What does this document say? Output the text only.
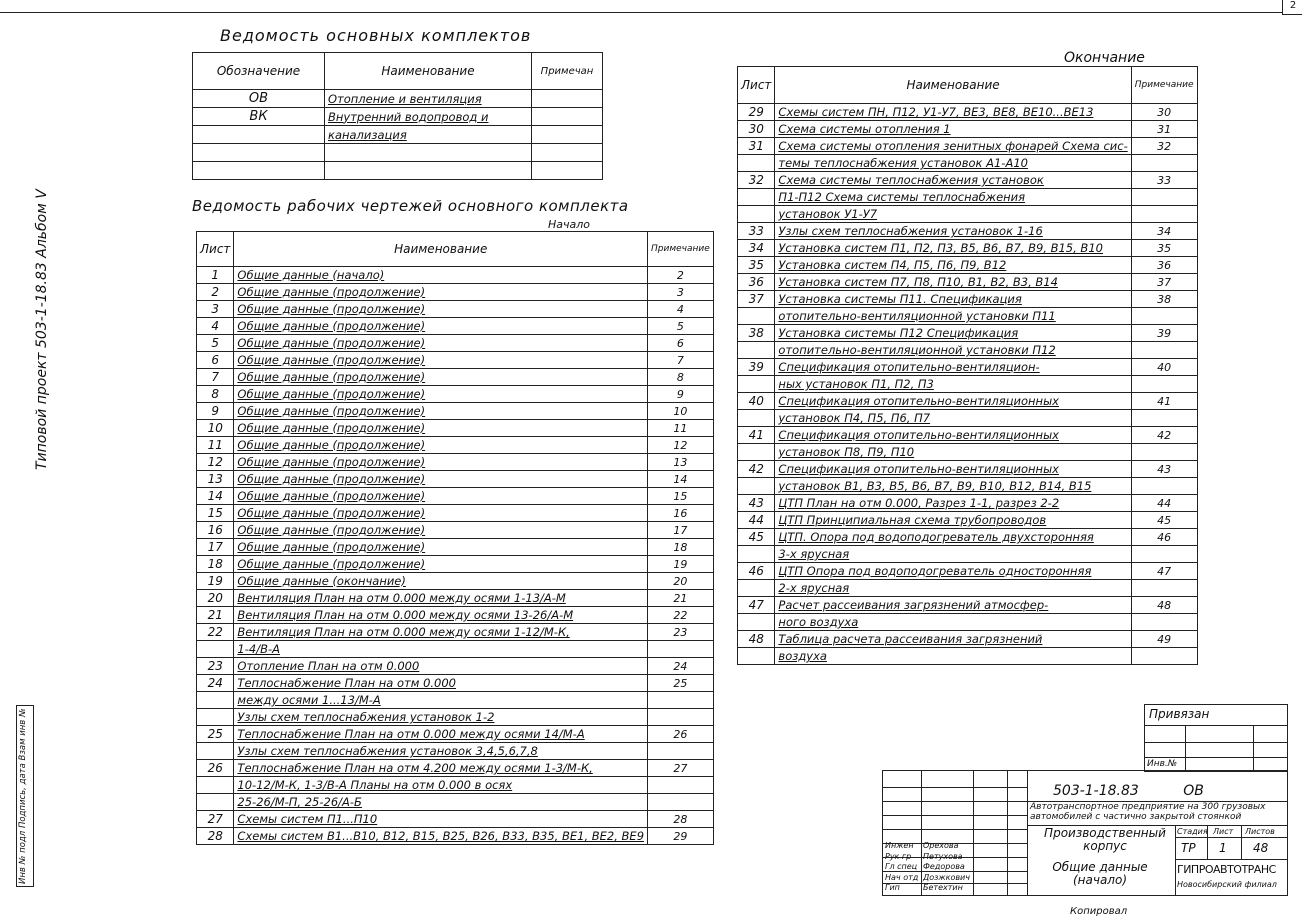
2
Типовой проект 503-1-18.83 Альбом V
Инв № подл Подпись, дата Взам инв №
Ведомость основных комплектов
Обозначение	Наименование	Примечан
ОВ	Отопление и вентиляция	
ВК	Внутренний водопровод и	
	канализация	

Ведомость рабочих чертежей основного комплекта
Начало
Лист	Наименование	Примечание
1	Общие данные (начало)	2
2	Общие данные (продолжение)	3
3	Общие данные (продолжение)	4
4	Общие данные (продолжение)	5
5	Общие данные (продолжение)	6
6	Общие данные (продолжение)	7
7	Общие данные (продолжение)	8
8	Общие данные (продолжение)	9
9	Общие данные (продолжение)	10
10	Общие данные (продолжение)	11
11	Общие данные (продолжение)	12
12	Общие данные (продолжение)	13
13	Общие данные (продолжение)	14
14	Общие данные (продолжение)	15
15	Общие данные (продолжение)	16
16	Общие данные (продолжение)	17
17	Общие данные (продолжение)	18
18	Общие данные (продолжение)	19
19	Общие данные (окончание)	20
20	Вентиляция План на отм 0.000 между осями 1-13/А-М	21
21	Вентиляция План на отм 0.000 между осями 13-26/А-М	22
22	Вентиляция План на отм 0.000 между осями 1-12/М-К,	23
	1-4/В-А	
23	Отопление План на отм 0.000	24
24	Теплоснабжение План на отм 0.000	25
	между осями 1...13/М-А	
	Узлы схем теплоснабжения установок 1-2	
25	Теплоснабжение План на отм 0.000 между осями 14/М-А	26
	Узлы схем теплоснабжения установок 3,4,5,6,7,8	
26	Теплоснабжение План на отм 4.200 между осями 1-3/М-К,	27
	10-12/М-К, 1-3/В-А Планы на отм 0.000 в осях	
	25-26/М-П, 25-26/А-Б	
27	Схемы систем П1...П10	28
28	Схемы систем В1...В10, В12, В15, В25, В26, В33, В35, ВЕ1, ВЕ2, ВЕ9	29
Окончание
Лист	Наименование	Примечание
29	Схемы систем ПН, П12, У1-У7, ВЕ3, ВЕ8, ВЕ10...ВЕ13	30
30	Схема системы отопления 1	31
31	Схема системы отопления зенитных фонарей Схема сис-	32
	темы теплоснабжения установок А1-А10	
32	Схема системы теплоснабжения установок	33
	П1-П12 Схема системы теплоснабжения	
	установок У1-У7	
33	Узлы схем теплоснабжения установок 1-16	34
34	Установка систем П1, П2, П3, В5, В6, В7, В9, В15, В10	35
35	Установка систем П4, П5, П6, П9, В12	36
36	Установка систем П7, П8, П10, В1, В2, В3, В14	37
37	Установка системы П11. Спецификация	38
	отопительно-вентиляционной установки П11	
38	Установка системы П12 Спецификация	39
	отопительно-вентиляционной установки П12	
39	Спецификация отопительно-вентиляцион-	40
	ных установок П1, П2, П3	
40	Спецификация отопительно-вентиляционных	41
	установок П4, П5, П6, П7	
41	Спецификация отопительно-вентиляционных	42
	установок П8, П9, П10	
42	Спецификация отопительно-вентиляционных	43
	установок В1, В3, В5, В6, В7, В9, В10, В12, В14, В15	
43	ЦТП План на отм 0.000, Разрез 1-1, разрез 2-2	44
44	ЦТП Принципиальная схема трубопроводов	45
45	ЦТП. Опора под водоподогреватель двухсторонняя	46
	3-х ярусная	
46	ЦТП Опора под водоподогреватель односторонняя	47
	2-х ярусная	
47	Расчет рассеивания загрязнений атмосфер-	48
	ного воздуха	
48	Таблица расчета рассеивания загрязнений	49
	воздуха	
Привязан
Инв.№
Инжен Орехова
Рук гр Петухова
Гл спец Федорова
Нач отд Дозжкович
Гип	Бетехтин
503-1-18.83	ОВ
Автотранспортное предприятие на 300 грузовых автомобилей с частично закрытой стоянкой
Производственный корпус
Общие данные (начало)
Стадия Лист Листов
ТР 1 48
ГИПРОАВТОТРАНС
Новосибирский филиал
Копировал
